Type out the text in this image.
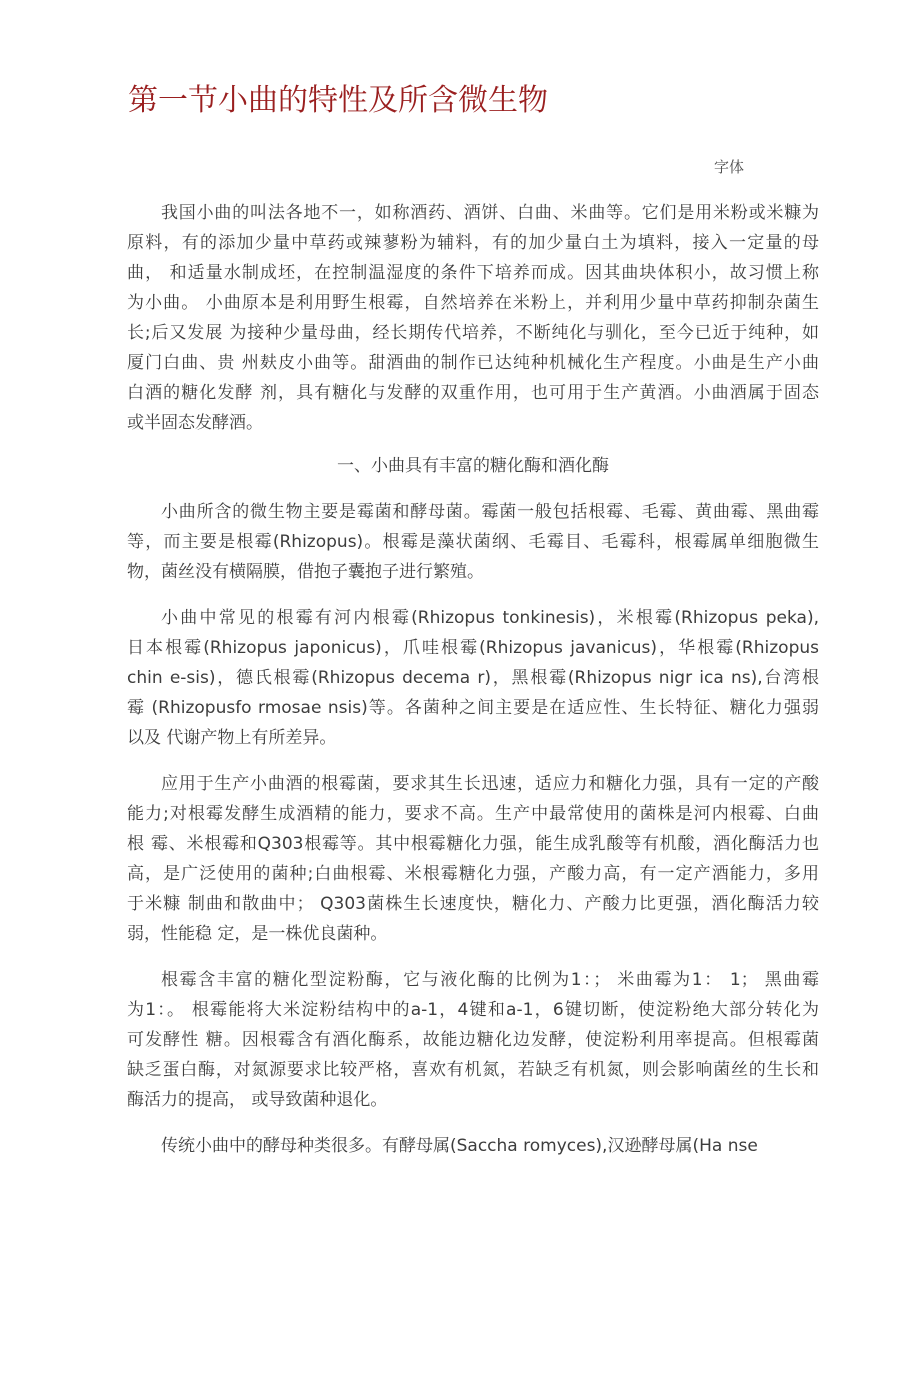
第一节小曲的特性及所含微生物
字体
我国小曲的叫法各地不一，如称酒药、酒饼、白曲、米曲等。它们是用米粉或米糠为
原料，有的添加少量中草药或辣蓼粉为辅料，有的加少量白土为填料，接入一定量的母
曲， 和适量水制成坯，在控制温湿度的条件下培养而成。因其曲块体积小，故习惯上称
为小曲。 小曲原本是利用野生根霉，自然培养在米粉上，并利用少量中草药抑制杂菌生
长;后又发展 为接种少量母曲，经长期传代培养，不断纯化与驯化，至今已近于纯种，如
厦门白曲、贵 州麸皮小曲等。甜酒曲的制作已达纯种机械化生产程度。小曲是生产小曲
白酒的糖化发酵 剂，具有糖化与发酵的双重作用，也可用于生产黄酒。小曲酒属于固态
或半固态发酵酒。
一、小曲具有丰富的糖化酶和酒化酶
小曲所含的微生物主要是霉菌和酵母菌。霉菌一般包括根霉、毛霉、黄曲霉、黑曲霉
等，而主要是根霉(Rhizopus)。根霉是藻状菌纲、毛霉目、毛霉科，根霉属单细胞微生
物，菌丝没有横隔膜，借抱子囊抱子进行繁殖。
小曲中常见的根霉有河内根霉(Rhizopus tonkinesis)，米根霉(Rhizopus peka),
日本根霉(Rhizopus japonicus)，爪哇根霉(Rhizopus javanicus)，华根霉(Rhizopus
chin e-sis)，德氏根霉(Rhizopus decema r)，黑根霉(Rhizopus nigr ica ns),台湾根
霉 (Rhizopusfo rmosae nsis)等。各菌种之间主要是在适应性、生长特征、糖化力强弱
以及 代谢产物上有所差异。
应用于生产小曲酒的根霉菌，要求其生长迅速，适应力和糖化力强，具有一定的产酸
能力;对根霉发酵生成酒精的能力，要求不高。生产中最常使用的菌株是河内根霉、白曲
根 霉、米根霉和Q303根霉等。其中根霉糖化力强，能生成乳酸等有机酸，酒化酶活力也
高，是广泛使用的菌种;白曲根霉、米根霉糖化力强，产酸力高，有一定产酒能力，多用
于米糠 制曲和散曲中； Q303菌株生长速度快，糖化力、产酸力比更强，酒化酶活力较
弱，性能稳 定，是一株优良菌种。
根霉含丰富的糖化型淀粉酶，它与液化酶的比例为1：； 米曲霉为1： 1； 黑曲霉
为1：。 根霉能将大米淀粉结构中的a-1，4键和a-1，6键切断，使淀粉绝大部分转化为
可发酵性 糖。因根霉含有酒化酶系，故能边糖化边发酵，使淀粉利用率提高。但根霉菌
缺乏蛋白酶，对氮源要求比较严格，喜欢有机氮，若缺乏有机氮，则会影响菌丝的生长和
酶活力的提高， 或导致菌种退化。
传统小曲中的酵母种类很多。有酵母属(Saccha romyces),汉逊酵母属(Ha nse
